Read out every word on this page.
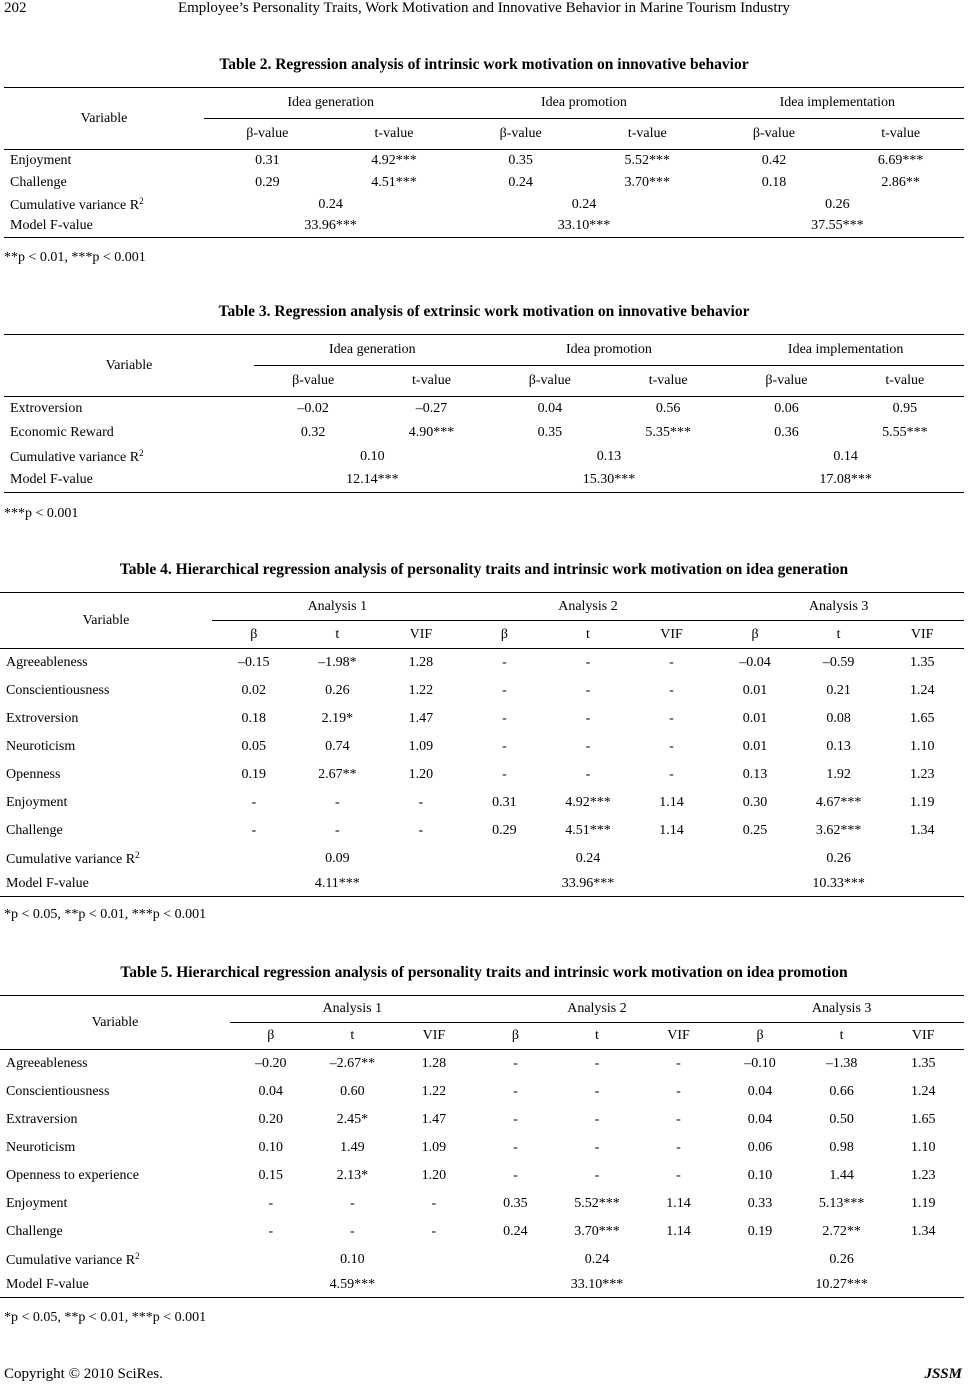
202	Employee’s Personality Traits, Work Motivation and Innovative Behavior in Marine Tourism Industry
Table 2. Regression analysis of intrinsic work motivation on innovative behavior
Variable	Idea generation		Idea promotion		Idea implementation	
	β-value	t-value	β-value	t-value	β-value	t-value
Enjoyment	0.31	4.92***	0.35	5.52***	0.42	6.69***
Challenge	0.29	4.51***	0.24	3.70***	0.18	2.86**
Cumulative variance $R^2$	0.24		0.24		0.26	
Model F-value	33.96***		33.10***		37.55***	
**p < 0.01, ***p < 0.001
Table 3. Regression analysis of extrinsic work motivation on innovative behavior
Variable	Idea generation		Idea promotion		Idea implementation	
	β-value	t-value	β-value	t-value	β-value	t-value
Extroversion	–0.02	–0.27	0.04	0.56	0.06	0.95
Economic Reward	0.32	4.90***	0.35	5.35***	0.36	5.55***
Cumulative variance $R^2$	0.10		0.13		0.14	
Model F-value	12.14***		15.30***		17.08***	
***p < 0.001
Table 4. Hierarchical regression analysis of personality traits and intrinsic work motivation on idea generation
Variable	Analysis 1			Analysis 2			Analysis 3		
	β	t	VIF	β	t	VIF	β	t	VIF
Agreeableness	–0.15	–1.98*	1.28	-	-	-	–0.04	–0.59	1.35
Conscientiousness	0.02	0.26	1.22	-	-	-	0.01	0.21	1.24
Extroversion	0.18	2.19*	1.47	-	-	-	0.01	0.08	1.65
Neuroticism	0.05	0.74	1.09	-	-	-	0.01	0.13	1.10
Openness	0.19	2.67**	1.20	-	-	-	0.13	1.92	1.23
Enjoyment	-	-	-	0.31	4.92***	1.14	0.30	4.67***	1.19
Challenge	-	-	-	0.29	4.51***	1.14	0.25	3.62***	1.34
Cumulative variance $R^2$	0.09			0.24			0.26		
Model F-value	4.11***			33.96***			10.33***		
*p < 0.05, **p < 0.01, ***p < 0.001
Table 5. Hierarchical regression analysis of personality traits and intrinsic work motivation on idea promotion
Variable	Analysis 1			Analysis 2			Analysis 3		
	β	t	VIF	β	t	VIF	β	t	VIF
Agreeableness	–0.20	–2.67**	1.28	-	-	-	–0.10	–1.38	1.35
Conscientiousness	0.04	0.60	1.22	-	-	-	0.04	0.66	1.24
Extraversion	0.20	2.45*	1.47	-	-	-	0.04	0.50	1.65
Neuroticism	0.10	1.49	1.09	-	-	-	0.06	0.98	1.10
Openness to experience	0.15	2.13*	1.20	-	-	-	0.10	1.44	1.23
Enjoyment	-	-	-	0.35	5.52***	1.14	0.33	5.13***	1.19
Challenge	-	-	-	0.24	3.70***	1.14	0.19	2.72**	1.34
Cumulative variance $R^2$	0.10			0.24			0.26		
Model F-value	4.59***			33.10***			10.27***		
*p < 0.05, **p < 0.01, ***p < 0.001
Copyright © 2010 SciRes.	JSSM
